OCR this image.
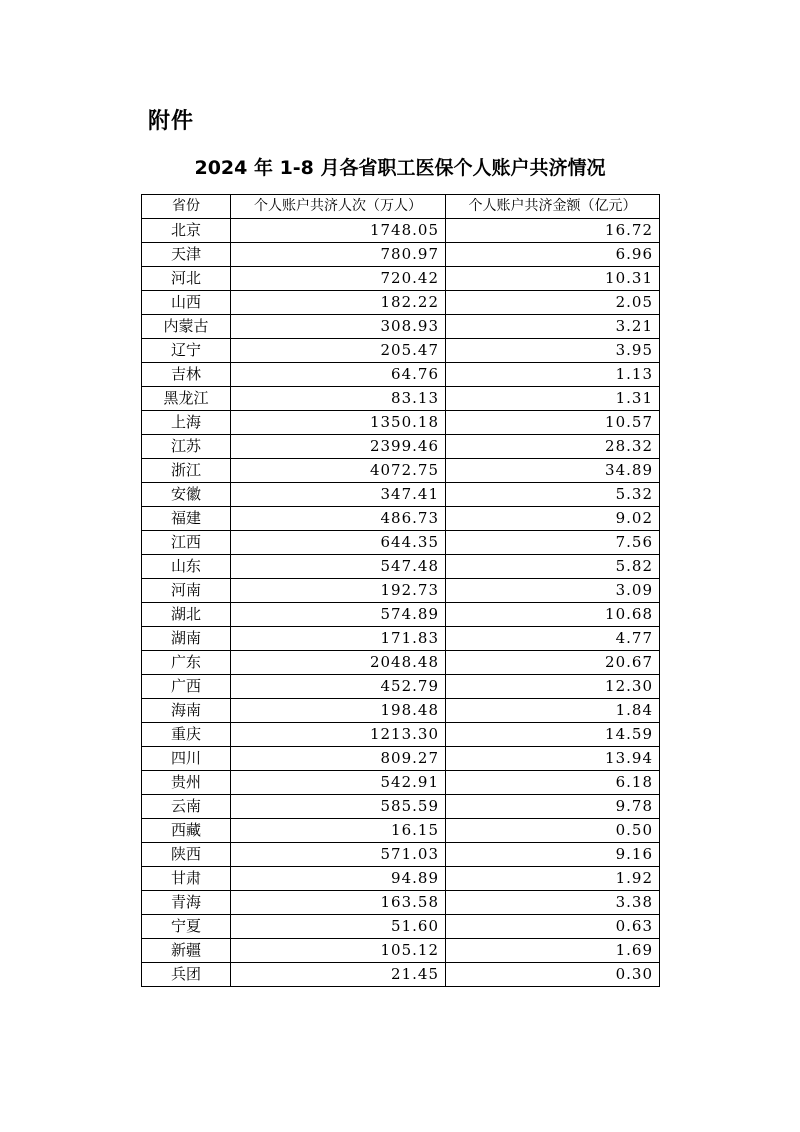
附件
2024 年 1-8 月各省职工医保个人账户共济情况
省份	个人账户共济人次（万人）	个人账户共济金额（亿元）
北京	1748.05	16.72
天津	780.97	6.96
河北	720.42	10.31
山西	182.22	2.05
内蒙古	308.93	3.21
辽宁	205.47	3.95
吉林	64.76	1.13
黑龙江	83.13	1.31
上海	1350.18	10.57
江苏	2399.46	28.32
浙江	4072.75	34.89
安徽	347.41	5.32
福建	486.73	9.02
江西	644.35	7.56
山东	547.48	5.82
河南	192.73	3.09
湖北	574.89	10.68
湖南	171.83	4.77
广东	2048.48	20.67
广西	452.79	12.30
海南	198.48	1.84
重庆	1213.30	14.59
四川	809.27	13.94
贵州	542.91	6.18
云南	585.59	9.78
西藏	16.15	0.50
陕西	571.03	9.16
甘肃	94.89	1.92
青海	163.58	3.38
宁夏	51.60	0.63
新疆	105.12	1.69
兵团	21.45	0.30
